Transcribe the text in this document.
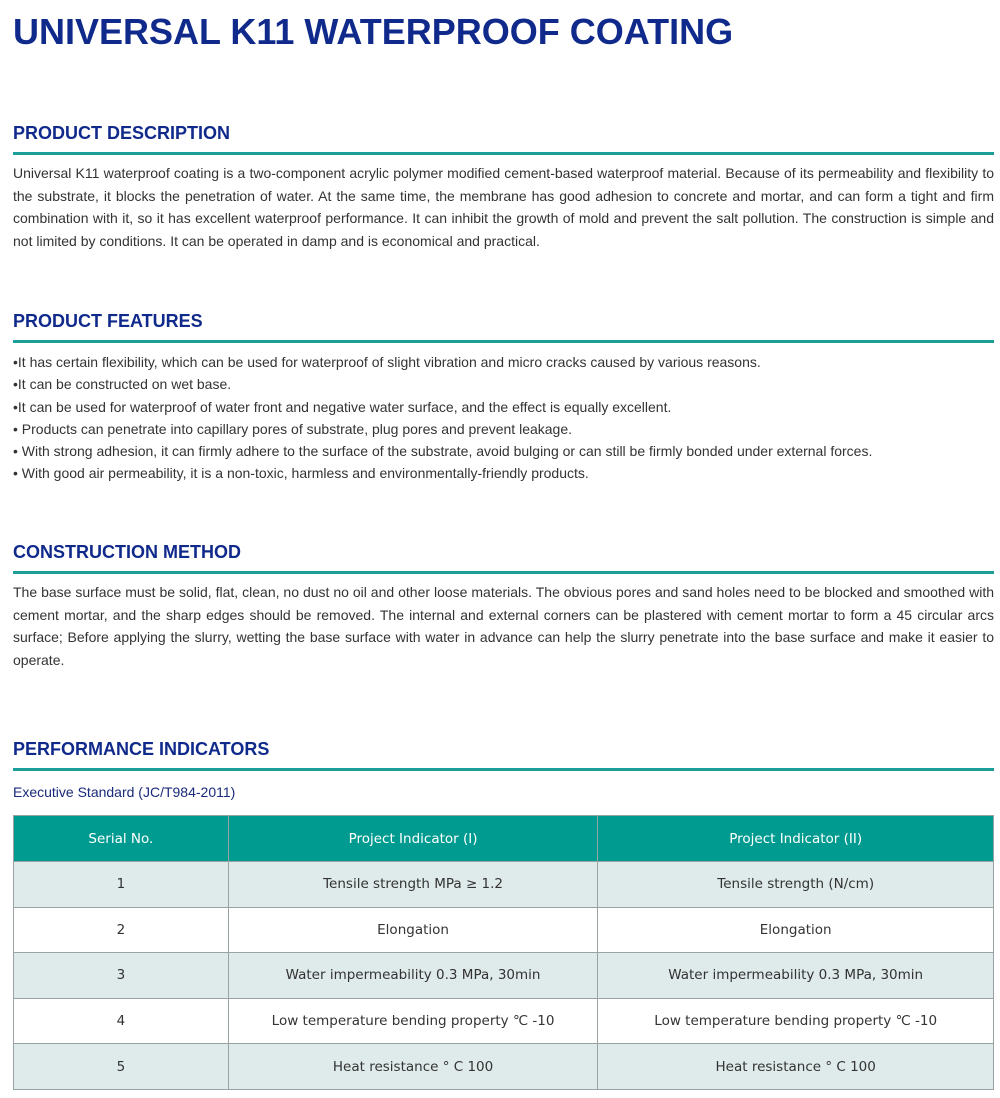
UNIVERSAL K11 WATERPROOF COATING
PRODUCT DESCRIPTION

Universal K11 waterproof coating is a two-component acrylic polymer modified cement-based waterproof material. Because of its permeability and flexibility to the substrate, it blocks the penetration of water. At the same time, the membrane has good adhesion to concrete and mortar, and can form a tight and firm combination with it, so it has excellent waterproof performance. It can inhibit the growth of mold and prevent the salt pollution. The construction is simple and not limited by conditions. It can be operated in damp and is economical and practical.

PRODUCT FEATURES
•It has certain flexibility, which can be used for waterproof of slight vibration and micro cracks caused by various reasons.
•It can be constructed on wet base.
•It can be used for waterproof of water front and negative water surface, and the effect is equally excellent.
• Products can penetrate into capillary pores of substrate, plug pores and prevent leakage.
• With strong adhesion, it can firmly adhere to the surface of the substrate, avoid bulging or can still be firmly bonded under external forces.
• With good air permeability, it is a non-toxic, harmless and environmentally-friendly products.
CONSTRUCTION METHOD

The base surface must be solid, flat, clean, no dust no oil and other loose materials. The obvious pores and sand holes need to be blocked and smoothed with cement mortar, and the sharp edges should be removed. The internal and external corners can be plastered with cement mortar to form a 45 circular arcs surface; Before applying the slurry, wetting the base surface with water in advance can help the slurry penetrate into the base surface and make it easier to operate.

PERFORMANCE INDICATORS

Executive Standard (JC/T984-2011)

Serial No.	Project Indicator (I)	Project Indicator (II)
1	Tensile strength MPa ≥ 1.2	Tensile strength (N/cm)
2	Elongation	Elongation
3	Water impermeability 0.3 MPa, 30min	Water impermeability 0.3 MPa, 30min
4	Low temperature bending property ℃ -10	Low temperature bending property ℃ -10
5	Heat resistance ° C 100	Heat resistance ° C 100
